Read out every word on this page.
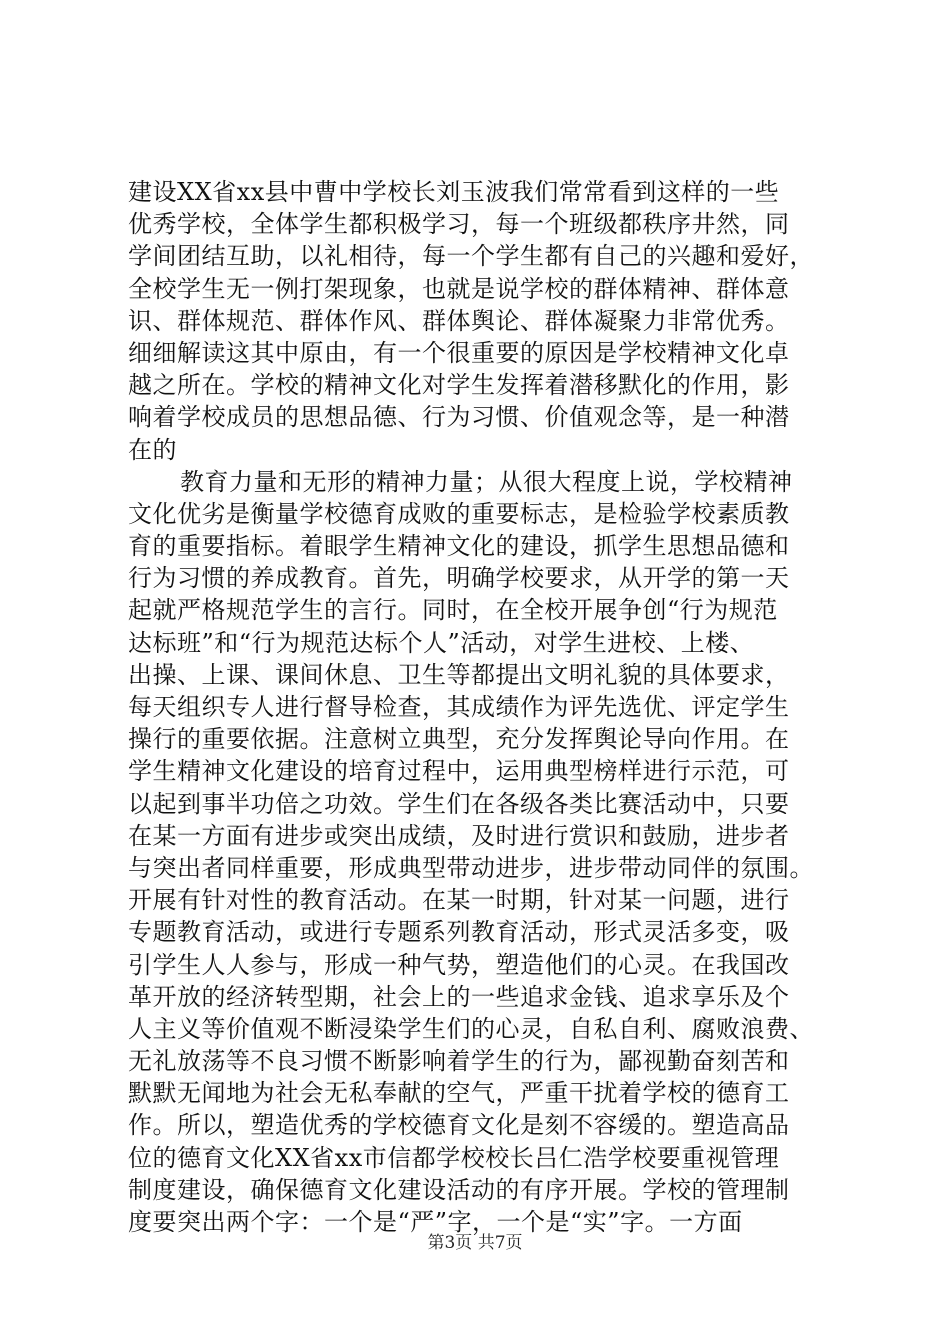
建设XX省xx县中曹中学校长刘玉波我们常常看到这样的一些
优秀学校，全体学生都积极学习，每一个班级都秩序井然，同
学间团结互助，以礼相待，每一个学生都有自己的兴趣和爱好，
全校学生无一例打架现象，也就是说学校的群体精神、群体意
识、群体规范、群体作风、群体舆论、群体凝聚力非常优秀。
细细解读这其中原由，有一个很重要的原因是学校精神文化卓
越之所在。学校的精神文化对学生发挥着潜移默化的作用，影
响着学校成员的思想品德、行为习惯、价值观念等，是一种潜
在的
教育力量和无形的精神力量；从很大程度上说，学校精神
文化优劣是衡量学校德育成败的重要标志，是检验学校素质教
育的重要指标。着眼学生精神文化的建设，抓学生思想品德和
行为习惯的养成教育。首先，明确学校要求，从开学的第一天
起就严格规范学生的言行。同时，在全校开展争创“行为规范
达标班”和“行为规范达标个人”活动，对学生进校、上楼、
出操、上课、课间休息、卫生等都提出文明礼貌的具体要求，
每天组织专人进行督导检查，其成绩作为评先选优、评定学生
操行的重要依据。注意树立典型，充分发挥舆论导向作用。在
学生精神文化建设的培育过程中，运用典型榜样进行示范，可
以起到事半功倍之功效。学生们在各级各类比赛活动中，只要
在某一方面有进步或突出成绩，及时进行赏识和鼓励，进步者
与突出者同样重要，形成典型带动进步，进步带动同伴的氛围。
开展有针对性的教育活动。在某一时期，针对某一问题，进行
专题教育活动，或进行专题系列教育活动，形式灵活多变，吸
引学生人人参与，形成一种气势，塑造他们的心灵。在我国改
革开放的经济转型期，社会上的一些追求金钱、追求享乐及个
人主义等价值观不断浸染学生们的心灵，自私自利、腐败浪费、
无礼放荡等不良习惯不断影响着学生的行为，鄙视勤奋刻苦和
默默无闻地为社会无私奉献的空气，严重干扰着学校的德育工
作。所以，塑造优秀的学校德育文化是刻不容缓的。塑造高品
位的德育文化XX省xx市信都学校校长吕仁浩学校要重视管理
制度建设，确保德育文化建设活动的有序开展。学校的管理制
度要突出两个字：一个是“严”字，一个是“实”字。一方面
第3页 共7页
